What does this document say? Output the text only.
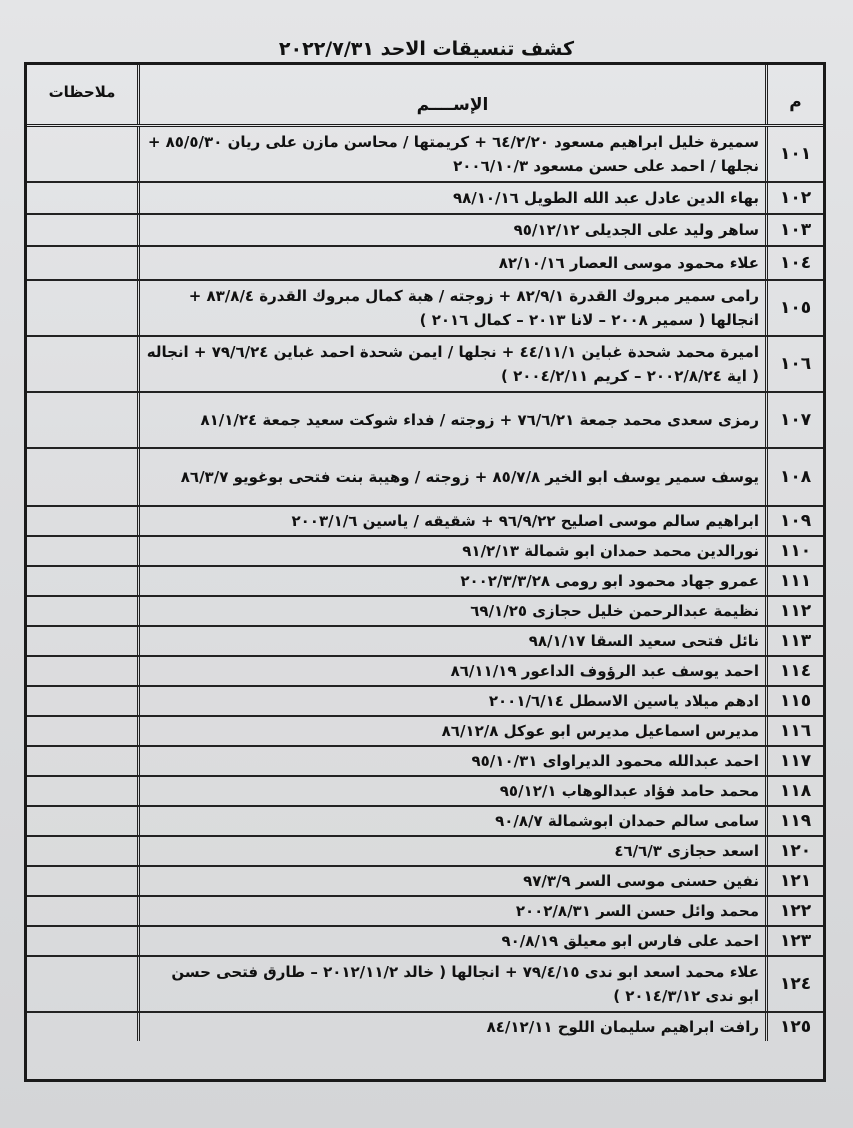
كشف تنسيقات الاحد ٢٠٢٢/٧/٣١
م
الإســــم
ملاحظات
١٠١
سميرة خليل ابراهيم مسعود ٦٤/٢/٢٠ + كريمتها / محاسن مازن على ريان ٨٥/٥/٣٠ + نجلها / احمد على حسن مسعود ٢٠٠٦/١٠/٣
١٠٢
بهاء الدين عادل عبد الله الطويل ٩٨/١٠/١٦
١٠٣
ساهر وليد على الجديلى ٩٥/١٢/١٢
١٠٤
علاء محمود موسى العصار ٨٢/١٠/١٦
١٠٥
رامى سمير مبروك القدرة ٨٢/٩/١ + زوجته / هبة كمال مبروك القدرة ٨٣/٨/٤ + انجالها ( سمير ٢٠٠٨ – لانا ٢٠١٣ – كمال ٢٠١٦ )
١٠٦
اميرة محمد شحدة غباين ٤٤/١١/١ + نجلها / ايمن شحدة احمد غباين ٧٩/٦/٢٤ + انجاله ( اية ٢٠٠٢/٨/٢٤ – كريم ٢٠٠٤/٢/١١ )
١٠٧
رمزى سعدى محمد جمعة ٧٦/٦/٢١ + زوجته / فداء شوكت سعيد جمعة ٨١/١/٢٤
١٠٨
يوسف سمير يوسف ابو الخير ٨٥/٧/٨ + زوجته / وهيبة بنت فتحى بوغويو ٨٦/٣/٧
١٠٩
ابراهيم سالم موسى اصليح ٩٦/٩/٢٢ + شقيقه / ياسين ٢٠٠٣/١/٦
١١٠
نورالدين محمد حمدان ابو شمالة ٩١/٢/١٣
١١١
عمرو جهاد محمود ابو رومى ٢٠٠٢/٣/٣/٢٨
١١٢
نظيمة عبدالرحمن خليل حجازى ٦٩/١/٢٥
١١٣
نائل فتحى سعيد السقا ٩٨/١/١٧
١١٤
احمد يوسف عبد الرؤوف الداعور ٨٦/١١/١٩
١١٥
ادهم ميلاد ياسين الاسطل ٢٠٠١/٦/١٤
١١٦
مديرس اسماعيل مديرس ابو عوكل ٨٦/١٢/٨
١١٧
احمد عبدالله محمود الديراواى ٩٥/١٠/٣١
١١٨
محمد حامد فؤاد عبدالوهاب ٩٥/١٢/١
١١٩
سامى سالم حمدان ابوشمالة ٩٠/٨/٧
١٢٠
اسعد حجازى ٤٦/٦/٣
١٢١
نفين حسنى موسى السر ٩٧/٣/٩
١٢٢
محمد وائل حسن السر ٢٠٠٢/٨/٣١
١٢٣
احمد على فارس ابو معيلق ٩٠/٨/١٩
١٢٤
علاء محمد اسعد ابو ندى ٧٩/٤/١٥ + انجالها ( خالد ٢٠١٢/١١/٢ – طارق فتحى حسن ابو ندى ٢٠١٤/٣/١٢ )
١٢٥
رافت ابراهيم سليمان اللوح ٨٤/١٢/١١
